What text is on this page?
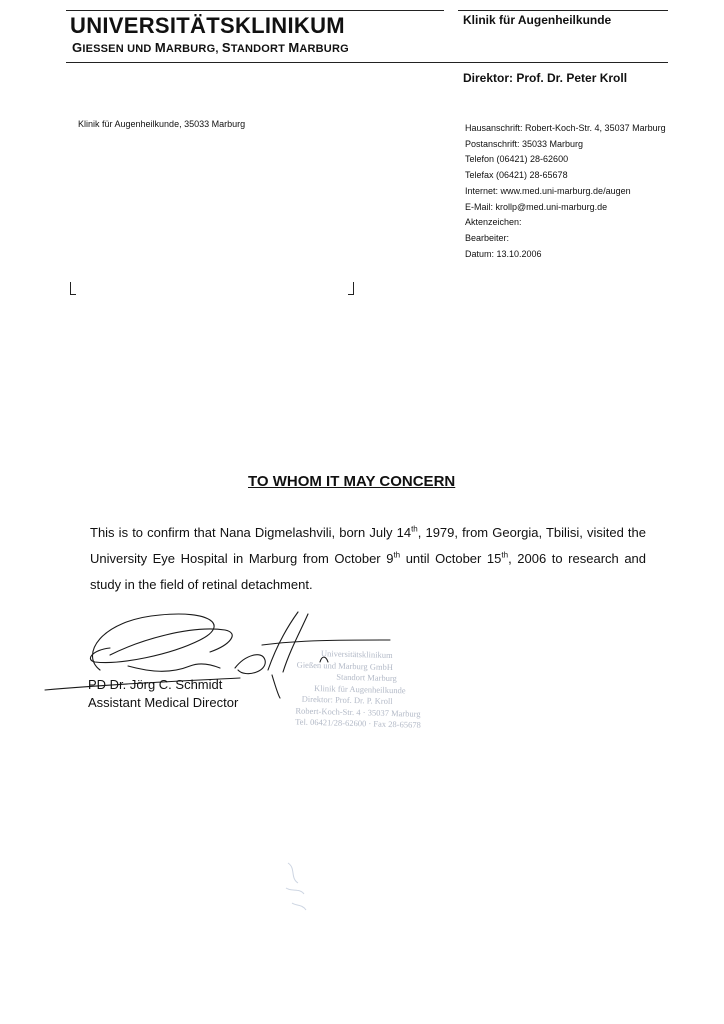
UNIVERSITÄTSKLINIKUM
GIESSEN UND MARBURG, STANDORT MARBURG
Klinik für Augenheilkunde
Direktor: Prof. Dr. Peter Kroll
Klinik für Augenheilkunde, 35033 Marburg	Hausanschrift: Robert-Koch-Str. 4, 35037 Marburg
Postanschrift: 35033 Marburg
Telefon (06421) 28-62600
Telefax (06421) 28-65678
Internet: www.med.uni-marburg.de/augen
E-Mail: krollp@med.uni-marburg.de
Aktenzeichen:
Bearbeiter:
Datum: 13.10.2006
TO WHOM IT MAY CONCERN
This is to confirm that Nana Digmelashvili, born July 14th, 1979, from Georgia, Tbilisi, visited the University Eye Hospital in Marburg from October 9th until October 15th, 2006 to research and study in the field of retinal detachment.
PD Dr. Jörg C. Schmidt
Assistant Medical Director
Universitätsklinikum
Gießen und Marburg GmbH
Standort Marburg
Klinik für Augenheilkunde
Direktor: Prof. Dr. P. Kroll
Robert-Koch-Str. 4 · 35037 Marburg
Tel. 06421/28-62600 · Fax 28-65678
